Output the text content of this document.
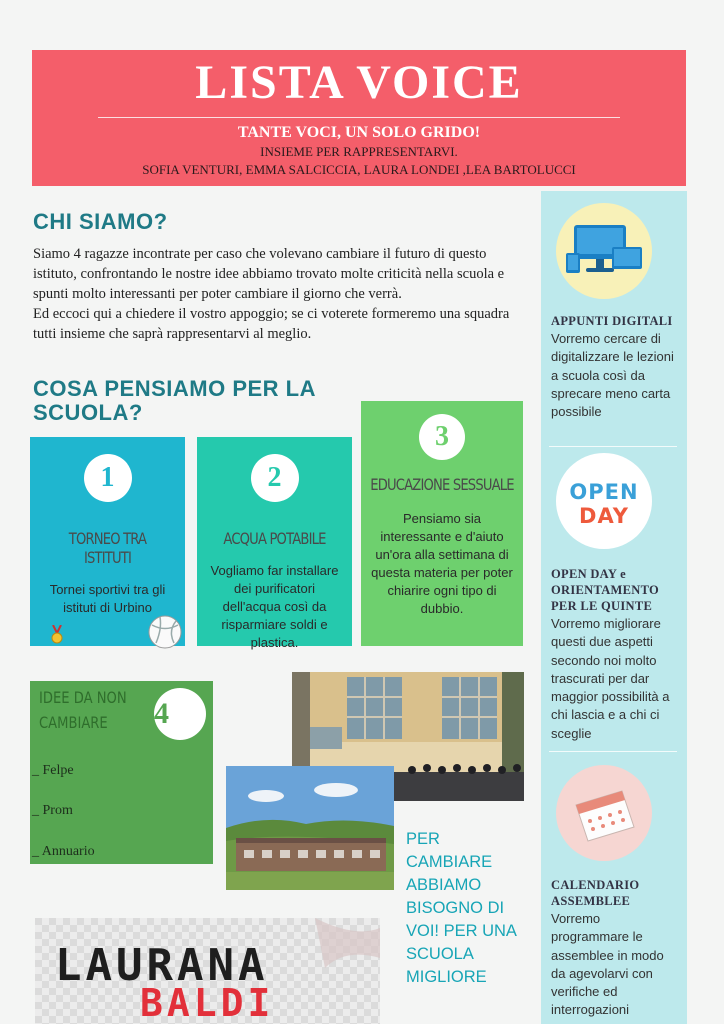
LISTA VOICE
TANTE VOCI, UN SOLO GRIDO!
INSIEME PER RAPPRESENTARVI.
SOFIA VENTURI, EMMA SALCICCIA, LAURA LONDEI ,LEA BARTOLUCCI
CHI SIAMO?

Siamo 4 ragazze incontrate per caso che volevano cambiare il futuro di questo istituto, confrontando le nostre idee abbiamo trovato molte criticità nella scuola e spunti molto interessanti per poter cambiare il giorno che verrà.

Ed eccoci qui a chiedere il vostro appoggio; se ci voterete formeremo una squadra tutti insieme che saprà rappresentarvi al meglio.

COSA PENSIAMO PER LA SCUOLA?
1
TORNEO TRA ISTITUTI
Tornei sportivi tra gli istituti di Urbino
2
ACQUA POTABILE
Vogliamo far installare dei purificatori dell'acqua così da risparmiare soldi e plastica.
3
EDUCAZIONE SESSUALE
Pensiamo sia interessante e d'aiuto un'ora alla settimana di questa materia per poter chiarire ogni tipo di dubbio.
IDEE DA NON
CAMBIARE	4
_ Felpe
_ Prom
_ Annuario
PER CAMBIARE ABBIAMO BISOGNO DI VOI! PER UNA SCUOLA MIGLIORE
LAURANA
BALDI
APPUNTI DIGITALI
Vorremo cercare di digitalizzare le lezioni a scuola così da sprecare meno carta possibile
OPEN
DAY
OPEN DAY e ORIENTAMENTO PER LE QUINTE
Vorremo migliorare questi due aspetti secondo noi molto trascurati per dar maggior possibilità a chi lascia e a chi ci sceglie
CALENDARIO ASSEMBLEE
Vorremo programmare le assemblee in modo da agevolarvi con verifiche ed interrogazioni
